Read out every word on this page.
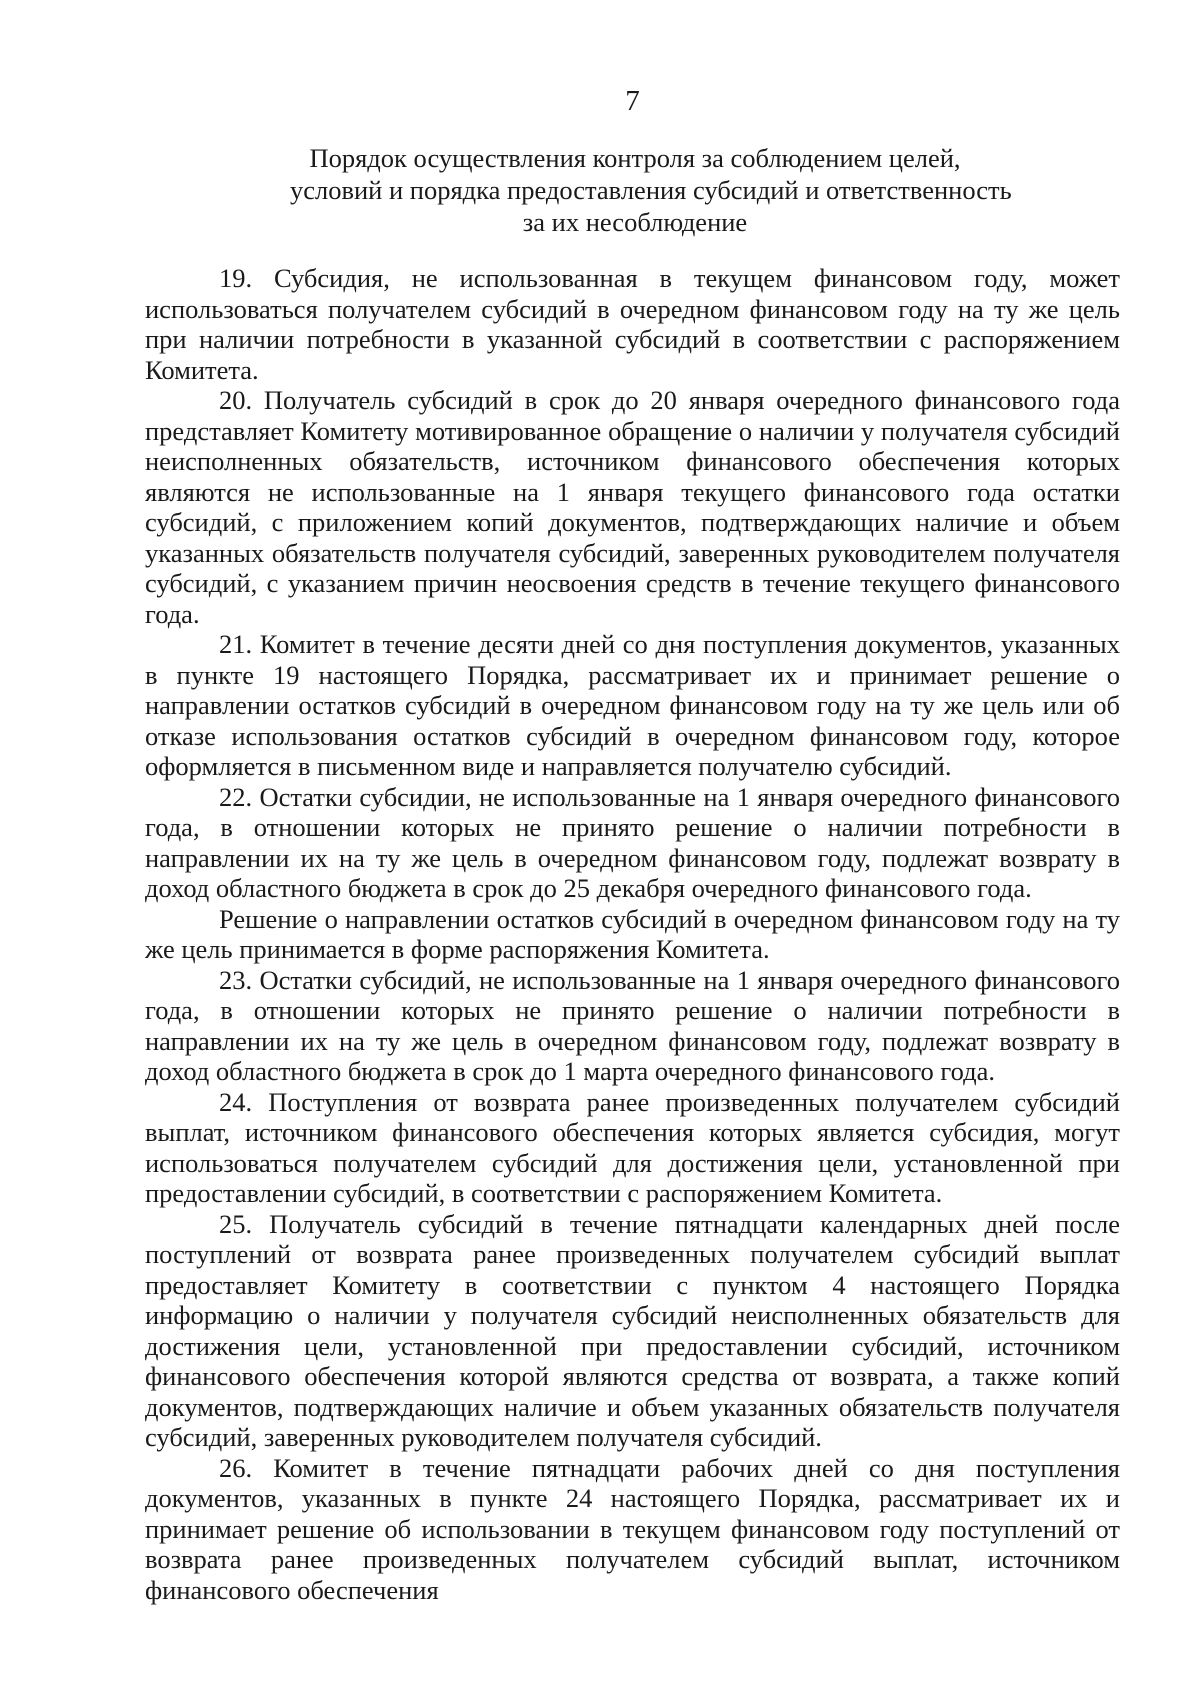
7
Порядок осуществления контроля за соблюдением целей,
условий и порядка предоставления субсидий и ответственность
за их несоблюдение

19. Субсидия, не использованная в текущем финансовом году, может использоваться получателем субсидий в очередном финансовом году на ту же цель при наличии потребности в указанной субсидий в соответствии с распоряжением Комитета.

20. Получатель субсидий в срок до 20 января очередного финансового года представляет Комитету мотивированное обращение о наличии у получателя субсидий неисполненных обязательств, источником финансового обеспечения которых являются не использованные на 1 января текущего финансового года остатки субсидий, с приложением копий документов, подтверждающих наличие и объем указанных обязательств получателя субсидий, заверенных руководителем получателя субсидий, с указанием причин неосвоения средств в течение текущего финансового года.

21. Комитет в течение десяти дней со дня поступления документов, указанных в пункте 19 настоящего Порядка, рассматривает их и принимает решение о направлении остатков субсидий в очередном финансовом году на ту же цель или об отказе использования остатков субсидий в очередном финансовом году, которое оформляется в письменном виде и направляется получателю субсидий.

22. Остатки субсидии, не использованные на 1 января очередного финансового года, в отношении которых не принято решение о наличии потребности в направлении их на ту же цель в очередном финансовом году, подлежат возврату в доход областного бюджета в срок до 25 декабря очередного финансового года.

Решение о направлении остатков субсидий в очередном финансовом году на ту же цель принимается в форме распоряжения Комитета.

23. Остатки субсидий, не использованные на 1 января очередного финансового года, в отношении которых не принято решение о наличии потребности в направлении их на ту же цель в очередном финансовом году, подлежат возврату в доход областного бюджета в срок до 1 марта очередного финансового года.

24. Поступления от возврата ранее произведенных получателем субсидий выплат, источником финансового обеспечения которых является субсидия, могут использоваться получателем субсидий для достижения цели, установленной при предоставлении субсидий, в соответствии с распоряжением Комитета.

25. Получатель субсидий в течение пятнадцати календарных дней после поступлений от возврата ранее произведенных получателем субсидий выплат предоставляет Комитету в соответствии с пунктом 4 настоящего Порядка информацию о наличии у получателя субсидий неисполненных обязательств для достижения цели, установленной при предоставлении субсидий, источником финансового обеспечения которой являются средства от возврата, а также копий документов, подтверждающих наличие и объем указанных обязательств получателя субсидий, заверенных руководителем получателя субсидий.

26. Комитет в течение пятнадцати рабочих дней со дня поступления документов, указанных в пункте 24 настоящего Порядка, рассматривает их и принимает решение об использовании в текущем финансовом году поступлений от возврата ранее произведенных получателем субсидий выплат, источником финансового обеспечения
